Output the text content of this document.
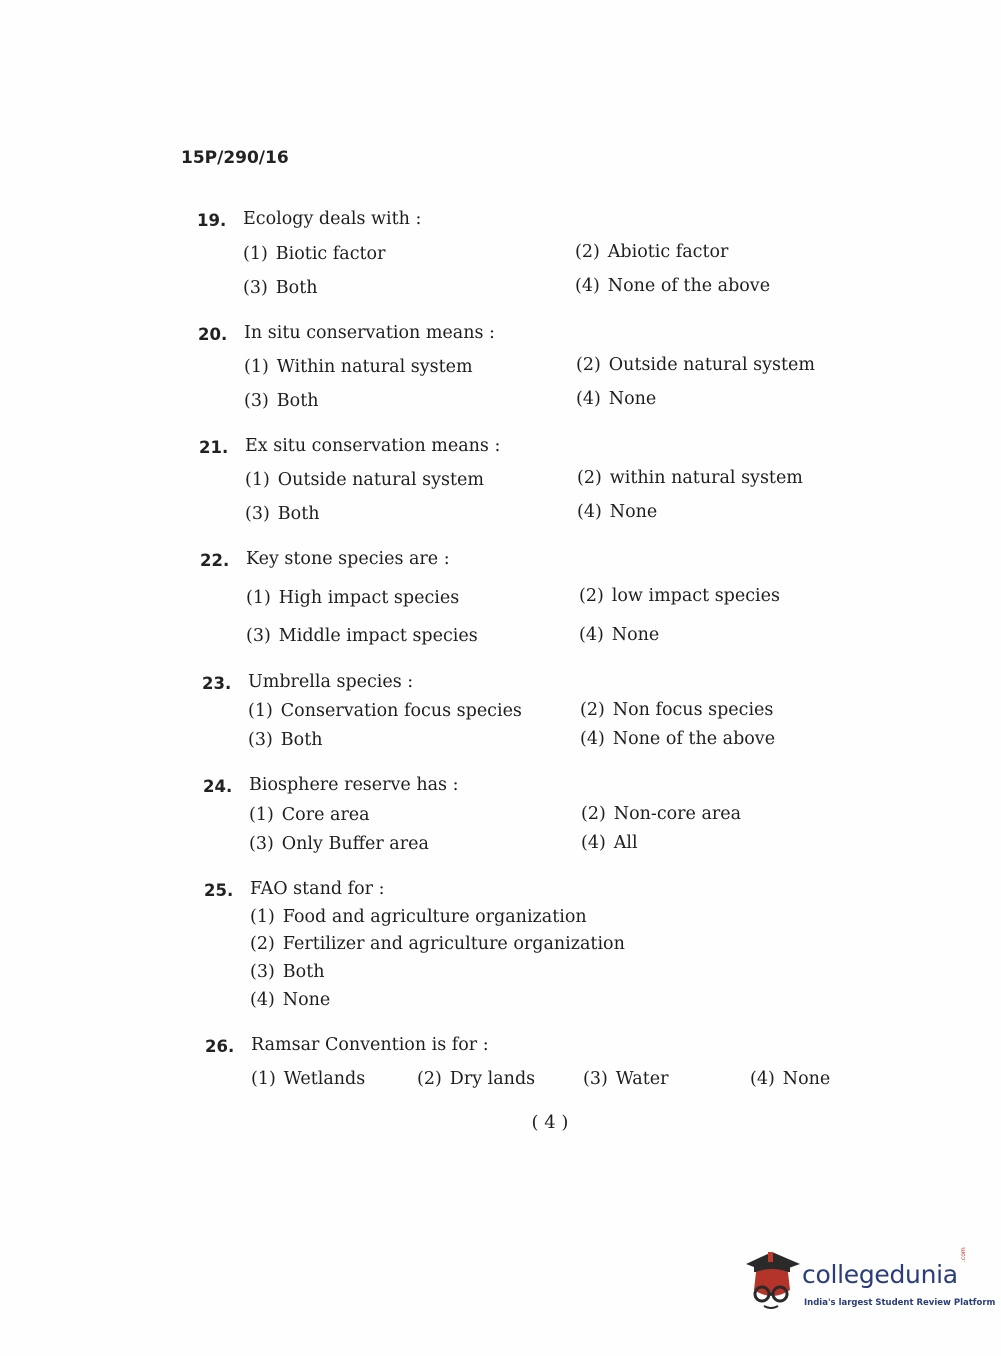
15P/290/16
19. Ecology deals with :
(1) Biotic factor	(2) Abiotic factor
(3) Both	(4) None of the above
20. In situ conservation means :
(1) Within natural system	(2) Outside natural system
(3) Both	(4) None
21. Ex situ conservation means :
(1) Outside natural system	(2) within natural system
(3) Both	(4) None
22. Key stone species are :
(1) High impact species	(2) low impact species
(3) Middle impact species	(4) None
23. Umbrella species :
(1) Conservation focus species	(2) Non focus species
(3) Both	(4) None of the above
24. Biosphere reserve has :
(1) Core area	(2) Non-core area
(3) Only Buffer area	(4) All
25. FAO stand for :
(1) Food and agriculture organization
(2) Fertilizer and agriculture organization
(3) Both
(4) None
26. Ramsar Convention is for :
(1) Wetlands	(2) Dry lands	(3) Water	(4) None
( 4 )
collegedunia
.com
India's largest Student Review Platform
